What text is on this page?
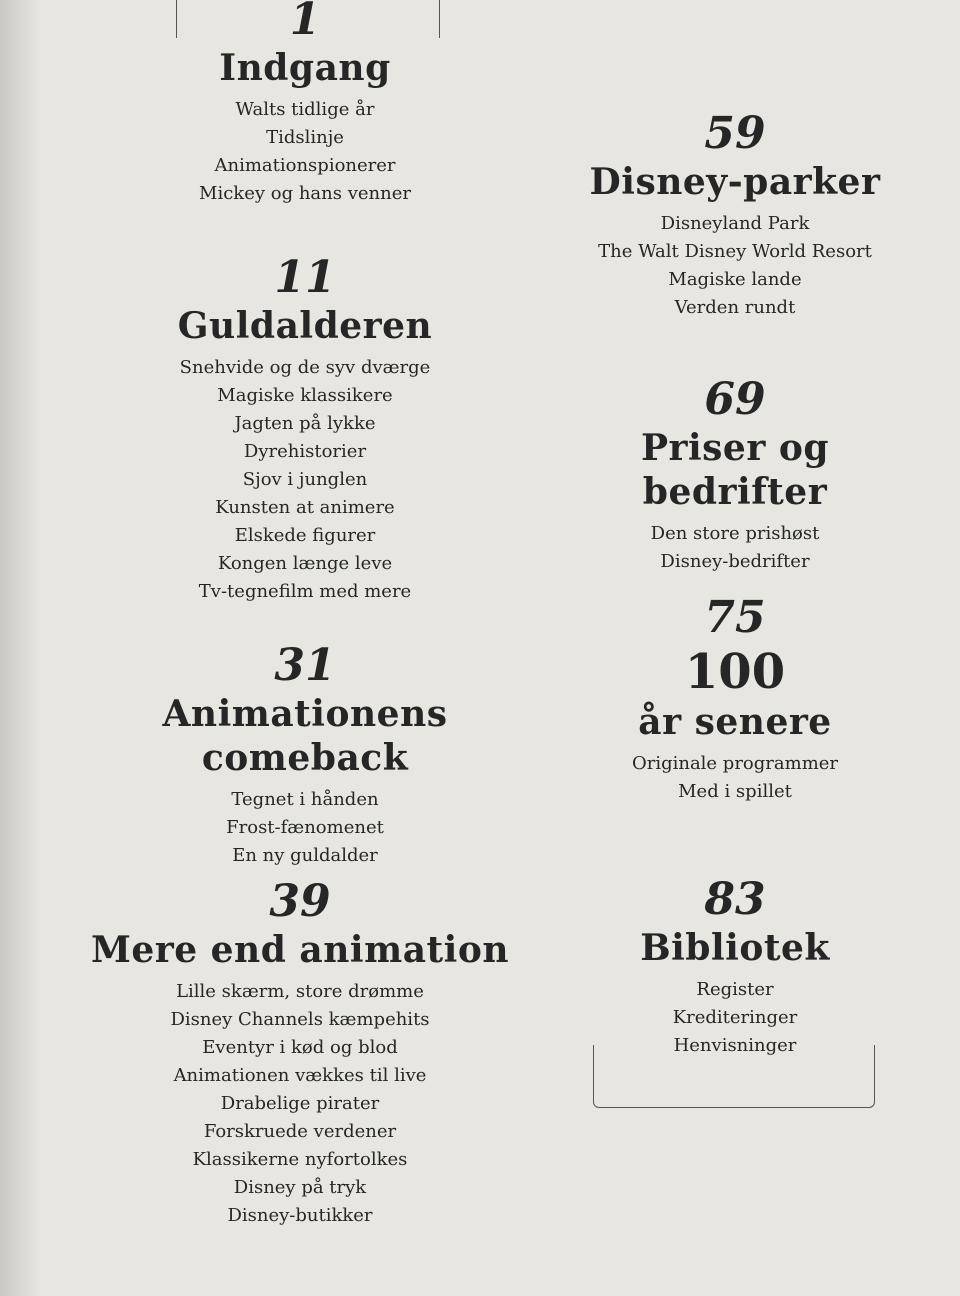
1
Indgang
Walts tidlige år
Tidslinje
Animationspionerer
Mickey og hans venner
11
Guldalderen
Snehvide og de syv dværge
Magiske klassikere
Jagten på lykke
Dyrehistorier
Sjov i junglen
Kunsten at animere
Elskede figurer
Kongen længe leve
Tv-tegnefilm med mere
31
Animationens comeback
Tegnet i hånden
Frost-fænomenet
En ny guldalder
39
Mere end animation
Lille skærm, store drømme
Disney Channels kæmpehits
Eventyr i kød og blod
Animationen vækkes til live
Drabelige pirater
Forskruede verdener
Klassikerne nyfortolkes
Disney på tryk
Disney-butikker
59
Disney-parker
Disneyland Park
The Walt Disney World Resort
Magiske lande
Verden rundt
69
Priser og bedrifter
Den store prishøst
Disney-bedrifter
75
100
år senere
Originale programmer
Med i spillet
83
Bibliotek
Register
Krediteringer
Henvisninger
